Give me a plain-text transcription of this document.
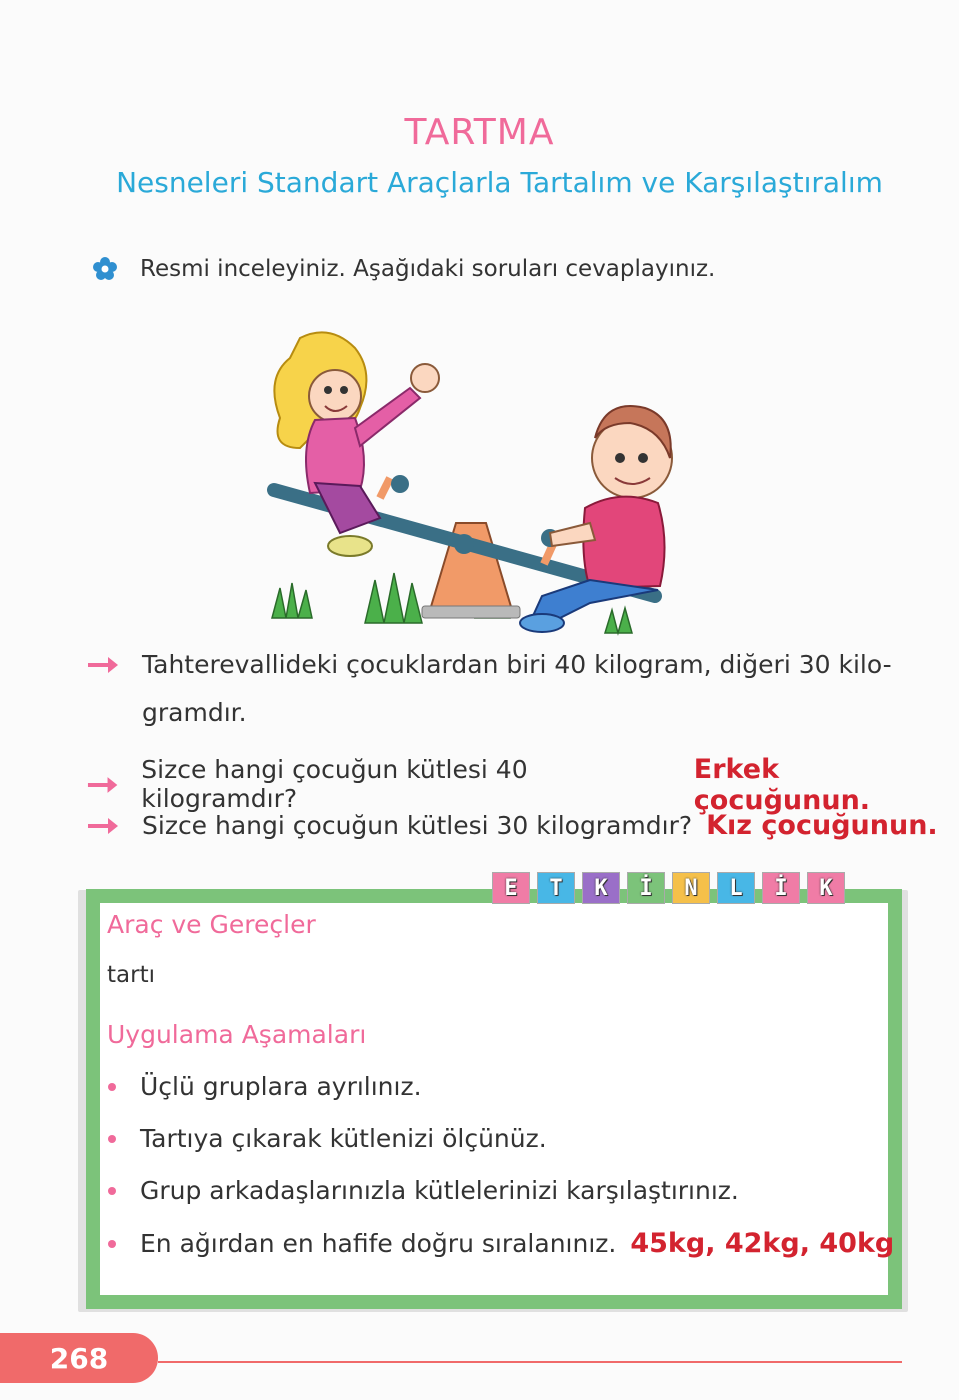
TARTMA
Nesneleri Standart Araçlarla Tartalım ve Karşılaştıralım
Resmi inceleyiniz. Aşağıdaki soruları cevaplayınız.
Tahterevallideki çocuklardan biri 40 kilogram, diğeri 30 kilo-
gramdır.
Sizce hangi çocuğun kütlesi 40 kilogramdır?
Erkek çocuğunun.
Sizce hangi çocuğun kütlesi 30 kilogramdır? Kız çocuğunun.
E	T	K	İ	N	L	İ	K
Araç ve Gereçler
tartı
Uygulama Aşamaları
Üçlü gruplara ayrılınız.
Tartıya çıkarak kütlenizi ölçünüz.
Grup arkadaşlarınızla kütlelerinizi karşılaştırınız.
En ağırdan en hafife doğru sıralanınız. 45kg, 42kg, 40kg
268
